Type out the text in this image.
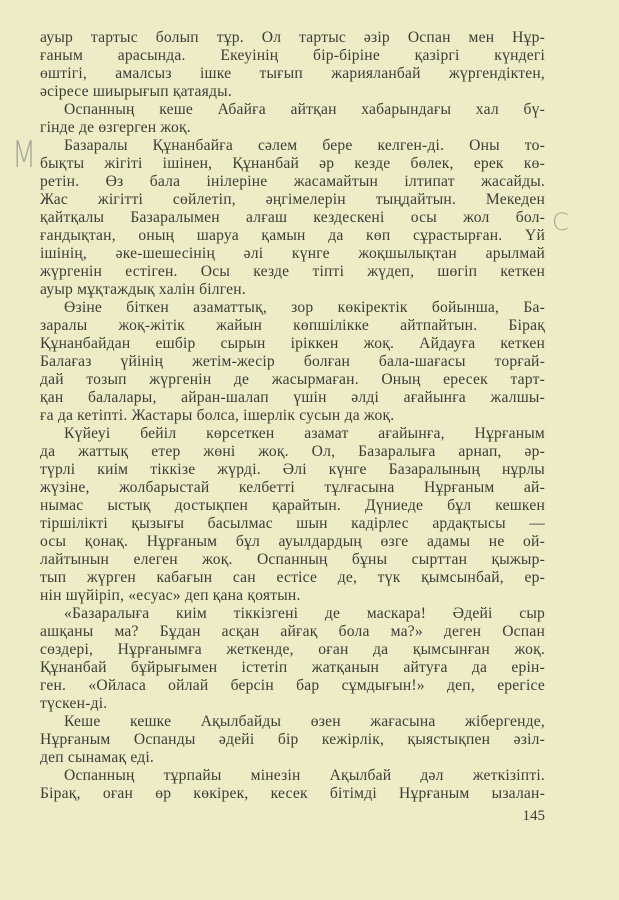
M
С
ауыр тартыс болып тұр. Ол тартыс әзір Оспан мен Нұр-
ғаным арасында. Екеуінің бір-біріне қазіргі күндегі
өштігі, амалсыз ішке тығып жарияланбай жүргендіктен,
әсіресе шиырығып қатаяды.
Оспанның кеше Абайға айтқан хабарындағы хал бү-
гінде де өзгерген жоқ.
Базаралы Құнанбайға сәлем бере келген-ді. Оны то-
бықты жігіті ішінен, Құнанбай әр кезде бөлек, ерек кө-
ретін. Өз бала інілеріне жасамайтын ілтипат жасайды.
Жас жігітті сөйлетіп, әңгімелерін тыңдайтын. Мекеден
қайтқалы Базаралымен алғаш кездескені осы жол бол-
ғандықтан, оның шаруа қамын да көп сұрастырған. Үй
ішінің, әке-шешесінің әлі күнге жоқшылықтан арылмай
жүргенін естіген. Осы кезде тіпті жүдеп, шөгіп кеткен
ауыр мұқтаждық халін білген.
Өзіне біткен азаматтық, зор көкіректік бойынша, Ба-
заралы жоқ-жітік жайын көпшілікке айтпайтын. Бірақ
Құнанбайдан ешбір сырын іріккен жоқ. Айдауға кеткен
Балағаз үйінің жетім-жесір болған бала-шағасы торғай-
дай тозып жүргенін де жасырмаған. Оның ересек тарт-
қан балалары, айран-шалап үшін әлді ағайынға жалшы-
ға да кетіпті. Жастары болса, ішерлік сусын да жоқ.
Күйеуі бейіл көрсеткен азамат ағайынға, Нұрғаным
да жаттық етер жөні жоқ. Ол, Базаралыға арнап, әр-
түрлі киім тіккізе жүрді. Әлі күнге Базаралының нұрлы
жүзіне, жолбарыстай келбетті тұлғасына Нұрғаным ай-
нымас ыстық достықпен қарайтын. Дүниеде бұл кешкен
тіршілікті қызығы басылмас шын кадірлес ардақтысы —
осы қонақ. Нұрғаным бұл ауылдардың өзге адамы не ой-
лайтынын елеген жоқ. Оспанның бұны сырттан қыжыр-
тып жүрген кабағын сан естісе де, түк қымсынбай, ер-
нін шүйіріп, «есуас» деп қана қоятын.
«Базаралыға киім тіккізгені де маскара! Әдейі сыр
ашқаны ма? Бұдан асқан айғақ бола ма?» деген Оспан
сөздері, Нұрғанымға жеткенде, оған да қымсынған жоқ.
Құнанбай бұйрығымен істетіп жатқанын айтуға да ерін-
ген. «Ойласа ойлай берсін бар сұмдығын!» деп, ерегісе
түскен-ді.
Кеше кешке Ақылбайды өзен жағасына жібергенде,
Нұрғаным Оспанды әдейі бір кежірлік, қыястықпен әзіл-
деп сынамақ еді.
Оспанның тұрпайы мінезін Ақылбай дәл жеткізіпті.
Бірақ, оған өр көкірек, кесек бітімді Нұрғаным ызалан-
145
